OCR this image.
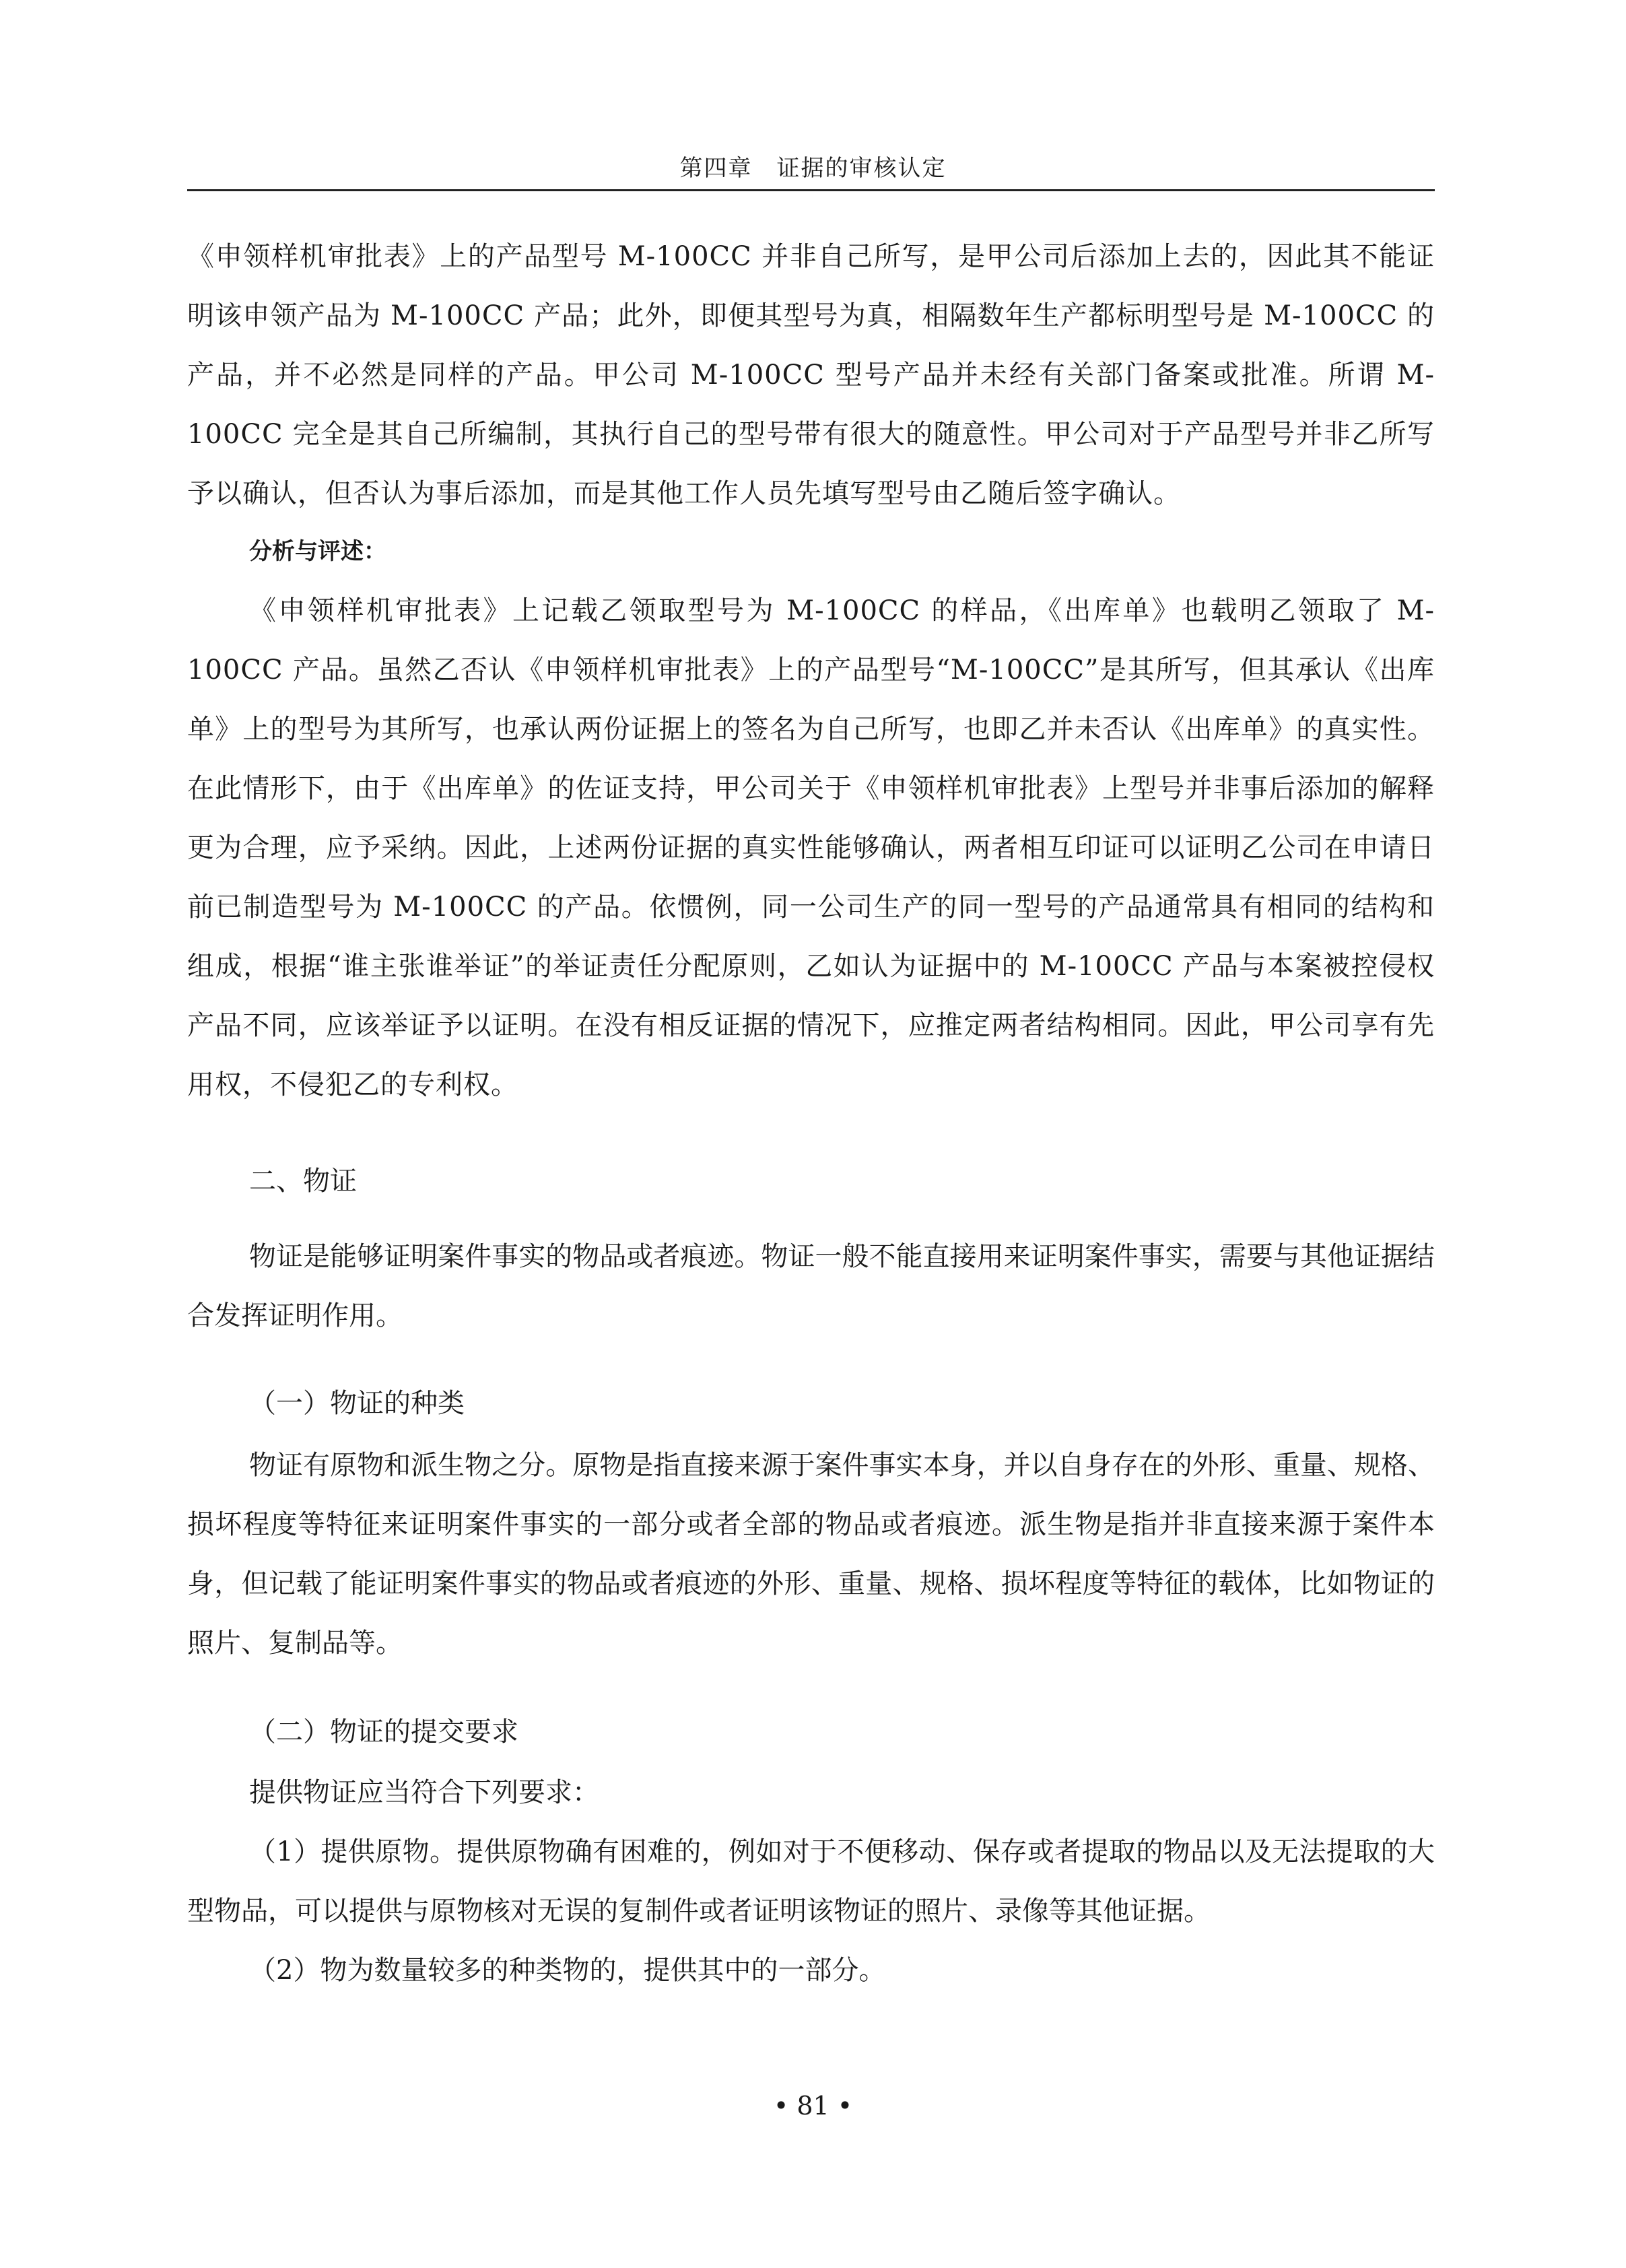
第四章　证据的审核认定

《申领样机审批表》上的产品型号 M-100CC 并非自己所写，是甲公司后添加上去的，因此其不能证明该申领产品为 M-100CC 产品；此外，即便其型号为真，相隔数年生产都标明型号是 M-100CC 的产品，并不必然是同样的产品。甲公司 M-100CC 型号产品并未经有关部门备案或批准。所谓 M-100CC 完全是其自己所编制，其执行自己的型号带有很大的随意性。甲公司对于产品型号并非乙所写予以确认，但否认为事后添加，而是其他工作人员先填写型号由乙随后签字确认。

分析与评述：

《申领样机审批表》上记载乙领取型号为 M-100CC 的样品，《出库单》也载明乙领取了 M-100CC 产品。虽然乙否认《申领样机审批表》上的产品型号“M-100CC”是其所写，但其承认《出库单》上的型号为其所写，也承认两份证据上的签名为自己所写，也即乙并未否认《出库单》的真实性。在此情形下，由于《出库单》的佐证支持，甲公司关于《申领样机审批表》上型号并非事后添加的解释更为合理，应予采纳。因此，上述两份证据的真实性能够确认，两者相互印证可以证明乙公司在申请日前已制造型号为 M-100CC 的产品。依惯例，同一公司生产的同一型号的产品通常具有相同的结构和组成，根据“谁主张谁举证”的举证责任分配原则，乙如认为证据中的 M-100CC 产品与本案被控侵权产品不同，应该举证予以证明。在没有相反证据的情况下，应推定两者结构相同。因此，甲公司享有先用权，不侵犯乙的专利权。

二、物证

物证是能够证明案件事实的物品或者痕迹。物证一般不能直接用来证明案件事实，需要与其他证据结合发挥证明作用。

（一）物证的种类

物证有原物和派生物之分。原物是指直接来源于案件事实本身，并以自身存在的外形、重量、规格、损坏程度等特征来证明案件事实的一部分或者全部的物品或者痕迹。派生物是指并非直接来源于案件本身，但记载了能证明案件事实的物品或者痕迹的外形、重量、规格、损坏程度等特征的载体，比如物证的照片、复制品等。

（二）物证的提交要求

提供物证应当符合下列要求：

（1）提供原物。提供原物确有困难的，例如对于不便移动、保存或者提取的物品以及无法提取的大型物品，可以提供与原物核对无误的复制件或者证明该物证的照片、录像等其他证据。

（2）物为数量较多的种类物的，提供其中的一部分。

• 81 •
